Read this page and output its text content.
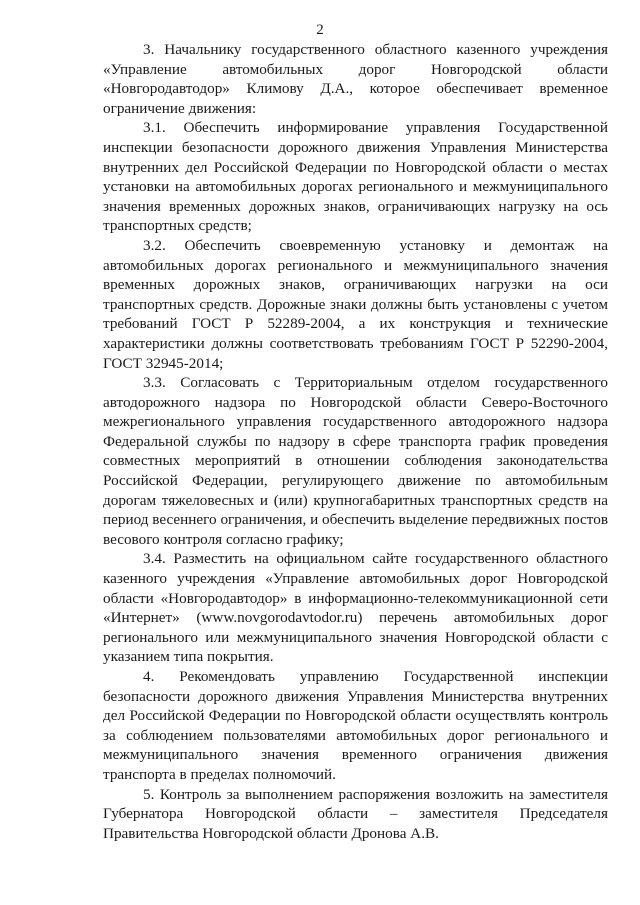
2

3. Начальнику государственного областного казенного учреждения «Управление автомобильных дорог Новгородской области «Новгородавтодор» Климову Д.А., которое обеспечивает временное ограничение движения:

3.1. Обеспечить информирование управления Государственной инспекции безопасности дорожного движения Управления Министерства внутренних дел Российской Федерации по Новгородской области о местах установки на автомобильных дорогах регионального и межмуниципального значения временных дорожных знаков, ограничивающих нагрузку на ось транспортных средств;

3.2. Обеспечить своевременную установку и демонтаж на автомобильных дорогах регионального и межмуниципального значения временных дорожных знаков, ограничивающих нагрузки на оси транспортных средств. Дорожные знаки должны быть установлены с учетом требований ГОСТ Р 52289-2004, а их конструкция и технические характеристики должны соответствовать требованиям ГОСТ Р 52290-2004, ГОСТ 32945-2014;

3.3. Согласовать с Территориальным отделом государственного автодорожного надзора по Новгородской области Северо-Восточного межрегионального управления государственного автодорожного надзора Федеральной службы по надзору в сфере транспорта график проведения совместных мероприятий в отношении соблюдения законодательства Российской Федерации, регулирующего движение по автомобильным дорогам тяжеловесных и (или) крупногабаритных транспортных средств на период весеннего ограничения, и обеспечить выделение передвижных постов весового контроля согласно графику;

3.4. Разместить на официальном сайте государственного областного казенного учреждения «Управление автомобильных дорог Новгородской области «Новгородавтодор» в информационно-телекоммуникационной сети «Интернет» (www.novgorodavtodor.ru) перечень автомобильных дорог регионального или межмуниципального значения Новгородской области с указанием типа покрытия.

4. Рекомендовать управлению Государственной инспекции безопасности дорожного движения Управления Министерства внутренних дел Российской Федерации по Новгородской области осуществлять контроль за соблюдением пользователями автомобильных дорог регионального и межмуниципального значения временного ограничения движения транспорта в пределах полномочий.

5. Контроль за выполнением распоряжения возложить на заместителя Губернатора Новгородской области – заместителя Председателя Правительства Новгородской области Дронова А.В.
